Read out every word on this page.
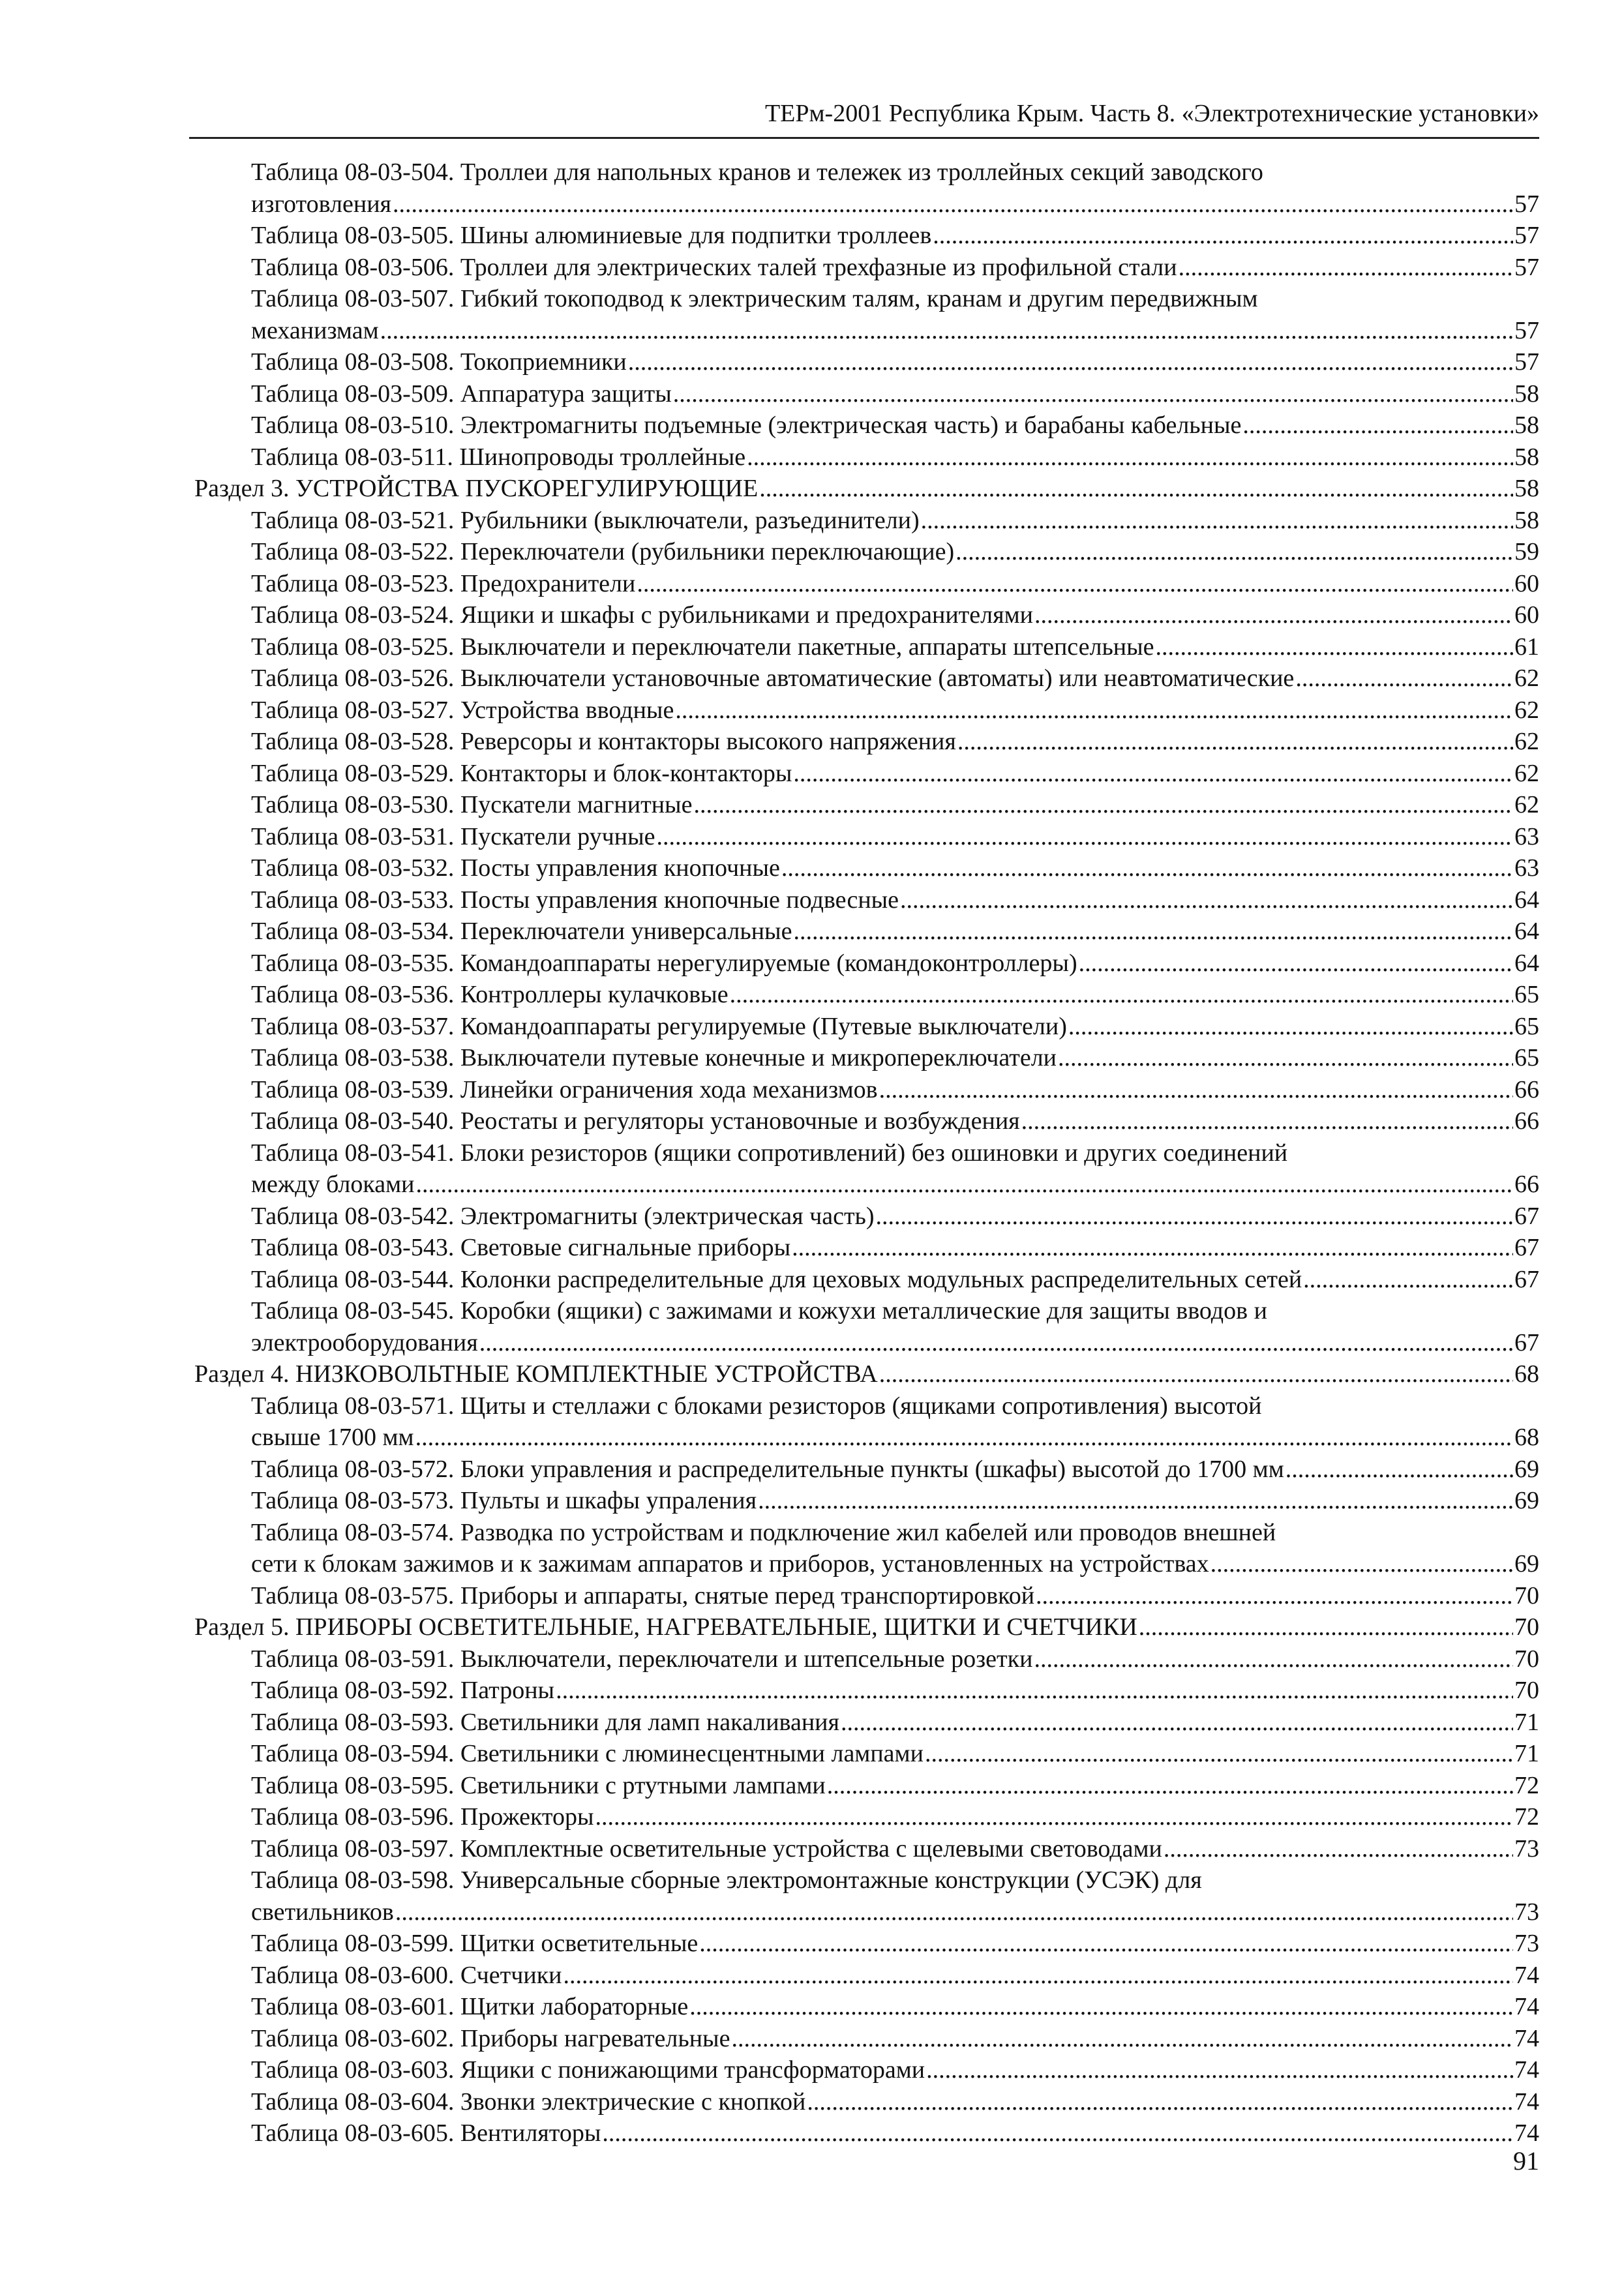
ТЕРм-2001 Республика Крым. Часть 8. «Электротехнические установки»
Таблица 08-03-504. Троллеи для напольных кранов и тележек из троллейных секций заводского
изготовления .....	57
Таблица 08-03-505. Шины алюминиевые для подпитки троллеев .....	57
Таблица 08-03-506. Троллеи для электрических талей трехфазные из профильной стали .....	57
Таблица 08-03-507. Гибкий токоподвод к электрическим талям, кранам и другим передвижным
механизмам .....	57
Таблица 08-03-508. Токоприемники .....	57
Таблица 08-03-509. Аппаратура защиты .....	58
Таблица 08-03-510. Электромагниты подъемные (электрическая часть) и барабаны кабельные .....	58
Таблица 08-03-511. Шинопроводы троллейные .....	58
Раздел 3. УСТРОЙСТВА ПУСКОРЕГУЛИРУЮЩИЕ .....	58
Таблица 08-03-521. Рубильники (выключатели, разъединители) .....	58
Таблица 08-03-522. Переключатели (рубильники переключающие) .....	59
Таблица 08-03-523. Предохранители .....	60
Таблица 08-03-524. Ящики и шкафы с рубильниками и предохранителями .....	60
Таблица 08-03-525. Выключатели и переключатели пакетные, аппараты штепсельные .....	61
Таблица 08-03-526. Выключатели установочные автоматические (автоматы) или неавтоматические .....	62
Таблица 08-03-527. Устройства вводные .....	62
Таблица 08-03-528. Реверсоры и контакторы высокого напряжения .....	62
Таблица 08-03-529. Контакторы и блок-контакторы .....	62
Таблица 08-03-530. Пускатели магнитные .....	62
Таблица 08-03-531. Пускатели ручные .....	63
Таблица 08-03-532. Посты управления кнопочные .....	63
Таблица 08-03-533. Посты управления кнопочные подвесные .....	64
Таблица 08-03-534. Переключатели универсальные .....	64
Таблица 08-03-535. Командоаппараты нерегулируемые (командоконтроллеры) .....	64
Таблица 08-03-536. Контроллеры кулачковые .....	65
Таблица 08-03-537. Командоаппараты регулируемые (Путевые выключатели) .....	65
Таблица 08-03-538. Выключатели путевые конечные и микропереключатели .....	65
Таблица 08-03-539. Линейки ограничения хода механизмов .....	66
Таблица 08-03-540. Реостаты и регуляторы установочные и возбуждения .....	66
Таблица 08-03-541. Блоки резисторов (ящики сопротивлений) без ошиновки и других соединений
между блоками .....	66
Таблица 08-03-542. Электромагниты (электрическая часть) .....	67
Таблица 08-03-543. Световые сигнальные приборы .....	67
Таблица 08-03-544. Колонки распределительные для цеховых модульных распределительных сетей .....	67
Таблица 08-03-545. Коробки (ящики) с зажимами и кожухи металлические для защиты вводов и
электрооборудования .....	67
Раздел 4. НИЗКОВОЛЬТНЫЕ КОМПЛЕКТНЫЕ УСТРОЙСТВА .....	68
Таблица 08-03-571. Щиты и стеллажи с блоками резисторов (ящиками сопротивления) высотой
свыше 1700 мм .....	68
Таблица 08-03-572. Блоки управления и распределительные пункты (шкафы) высотой до 1700 мм .....	69
Таблица 08-03-573. Пульты и шкафы упраления .....	69
Таблица 08-03-574. Разводка по устройствам и подключение жил кабелей или проводов внешней
сети к блокам зажимов и к зажимам аппаратов и приборов, установленных на устройствах .....	69
Таблица 08-03-575. Приборы и аппараты, снятые перед транспортировкой .....	70
Раздел 5. ПРИБОРЫ ОСВЕТИТЕЛЬНЫЕ, НАГРЕВАТЕЛЬНЫЕ, ЩИТКИ И СЧЕТЧИКИ .....	70
Таблица 08-03-591. Выключатели, переключатели и штепсельные розетки .....	70
Таблица 08-03-592. Патроны .....	70
Таблица 08-03-593. Светильники для ламп накаливания .....	71
Таблица 08-03-594. Светильники с люминесцентными лампами .....	71
Таблица 08-03-595. Светильники с ртутными лампами .....	72
Таблица 08-03-596. Прожекторы .....	72
Таблица 08-03-597. Комплектные осветительные устройства с щелевыми световодами .....	73
Таблица 08-03-598. Универсальные сборные электромонтажные конструкции (УСЭК) для
светильников .....	73
Таблица 08-03-599. Щитки осветительные .....	73
Таблица 08-03-600. Счетчики .....	74
Таблица 08-03-601. Щитки лабораторные .....	74
Таблица 08-03-602. Приборы нагревательные .....	74
Таблица 08-03-603. Ящики с понижающими трансформаторами .....	74
Таблица 08-03-604. Звонки электрические с кнопкой .....	74
Таблица 08-03-605. Вентиляторы .....	74
91
